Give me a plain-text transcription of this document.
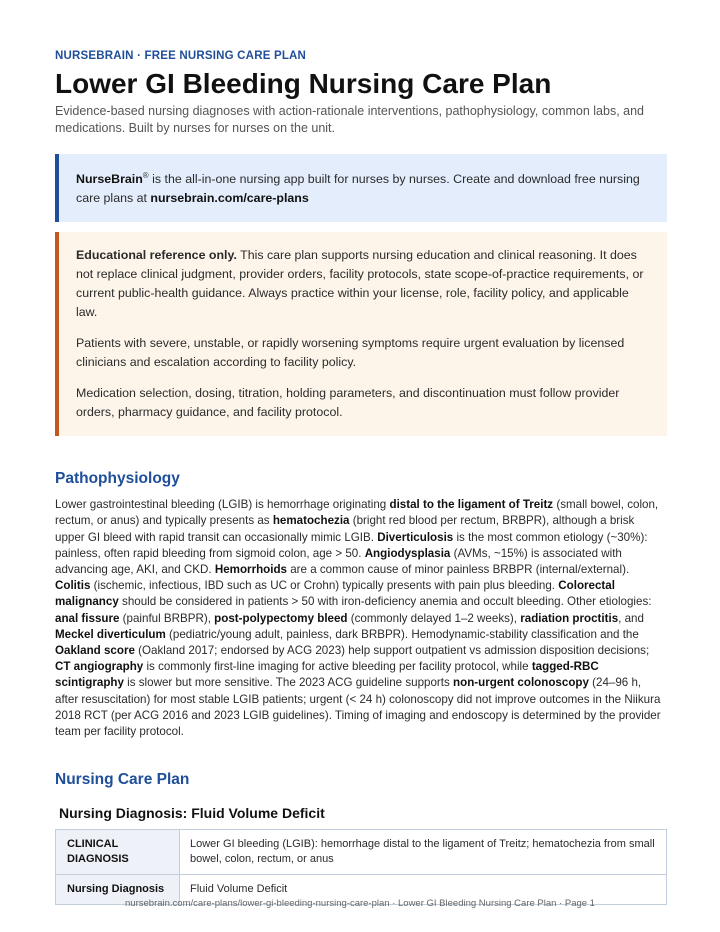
NURSEBRAIN · FREE NURSING CARE PLAN
Lower GI Bleeding Nursing Care Plan
Evidence-based nursing diagnoses with action-rationale interventions, pathophysiology, common labs, and medications. Built by nurses for nurses on the unit.
NurseBrain® is the all-in-one nursing app built for nurses by nurses. Create and download free nursing care plans at nursebrain.com/care-plans

Educational reference only. This care plan supports nursing education and clinical reasoning. It does not replace clinical judgment, provider orders, facility protocols, state scope-of-practice requirements, or current public-health guidance. Always practice within your license, role, facility policy, and applicable law.

Patients with severe, unstable, or rapidly worsening symptoms require urgent evaluation by licensed clinicians and escalation according to facility policy.

Medication selection, dosing, titration, holding parameters, and discontinuation must follow provider orders, pharmacy guidance, and facility protocol.

Pathophysiology
Lower gastrointestinal bleeding (LGIB) is hemorrhage originating distal to the ligament of Treitz (small bowel, colon, rectum, or anus) and typically presents as hematochezia (bright red blood per rectum, BRBPR), although a brisk upper GI bleed with rapid transit can occasionally mimic LGIB. Diverticulosis is the most common etiology (~30%): painless, often rapid bleeding from sigmoid colon, age > 50. Angiodysplasia (AVMs, ~15%) is associated with advancing age, AKI, and CKD. Hemorrhoids are a common cause of minor painless BRBPR (internal/external). Colitis (ischemic, infectious, IBD such as UC or Crohn) typically presents with pain plus bleeding. Colorectal malignancy should be considered in patients > 50 with iron-deficiency anemia and occult bleeding. Other etiologies: anal fissure (painful BRBPR), post-polypectomy bleed (commonly delayed 1–2 weeks), radiation proctitis, and Meckel diverticulum (pediatric/young adult, painless, dark BRBPR). Hemodynamic-stability classification and the Oakland score (Oakland 2017; endorsed by ACG 2023) help support outpatient vs admission disposition decisions; CT angiography is commonly first-line imaging for active bleeding per facility protocol, while tagged-RBC scintigraphy is slower but more sensitive. The 2023 ACG guideline supports non-urgent colonoscopy (24–96 h, after resuscitation) for most stable LGIB patients; urgent (< 24 h) colonoscopy did not improve outcomes in the Niikura 2018 RCT (per ACG 2016 and 2023 LGIB guidelines). Timing of imaging and endoscopy is determined by the provider team per facility protocol.
Nursing Care Plan
Nursing Diagnosis: Fluid Volume Deficit
CLINICAL DIAGNOSIS	Lower GI bleeding (LGIB): hemorrhage distal to the ligament of Treitz; hematochezia from small bowel, colon, rectum, or anus
Nursing Diagnosis	Fluid Volume Deficit
nursebrain.com/care-plans/lower-gi-bleeding-nursing-care-plan · Lower GI Bleeding Nursing Care Plan · Page 1
